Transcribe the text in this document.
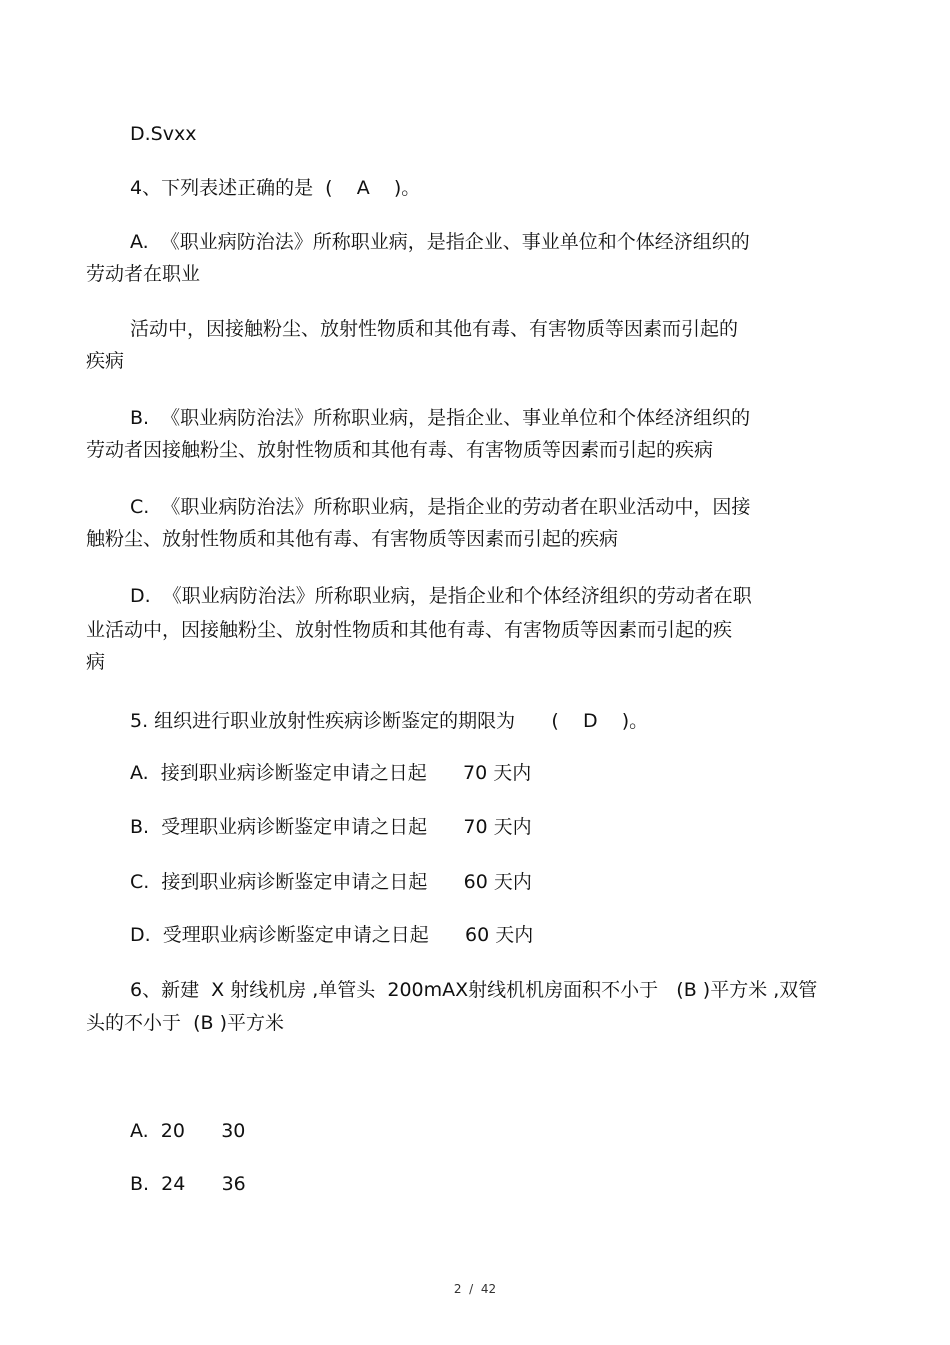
D.Svxx
4、下列表述正确的是  (    A    )。
A.  《职业病防治法》所称职业病，是指企业、事业单位和个体经济组织的
劳动者在职业
活动中，因接触粉尘、放射性物质和其他有毒、有害物质等因素而引起的
疾病
B.  《职业病防治法》所称职业病，是指企业、事业单位和个体经济组织的
劳动者因接触粉尘、放射性物质和其他有毒、有害物质等因素而引起的疾病
C.  《职业病防治法》所称职业病，是指企业的劳动者在职业活动中，因接
触粉尘、放射性物质和其他有毒、有害物质等因素而引起的疾病
D.  《职业病防治法》所称职业病，是指企业和个体经济组织的劳动者在职
业活动中，因接触粉尘、放射性物质和其他有毒、有害物质等因素而引起的疾
病
5. 组织进行职业放射性疾病诊断鉴定的期限为      (    D    )。
A.  接到职业病诊断鉴定申请之日起      70 天内
B.  受理职业病诊断鉴定申请之日起      70 天内
C.  接到职业病诊断鉴定申请之日起      60 天内
D.  受理职业病诊断鉴定申请之日起      60 天内
6、新建  X 射线机房 ,单管头  200mAX射线机机房面积不小于   (B )平方米 ,双管
头的不小于  (B )平方米
A.  20      30
B.  24      36
2  /  42
